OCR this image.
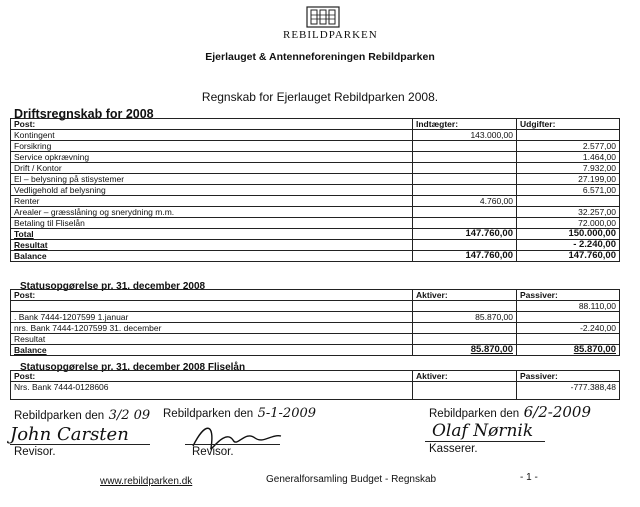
REBILDPARKEN
Ejerlauget & Antenneforeningen Rebildparken
Regnskab for Ejerlauget Rebildparken 2008.
Driftsregnskab for 2008
Post:	Indtægter:	Udgifter:
Kontingent	143.000,00	
Forsikring		2.577,00
Service opkrævning		1.464,00
Drift / Kontor		7.932,00
El – belysning på stisystemer		27.199,00
Vedligehold af belysning		6.571,00
Renter	4.760,00	
Arealer – græsslåning og snerydning m.m.		32.257,00
Betaling til Fliselån		72.000,00
Total	147.760,00	150.000,00
Resultat		- 2.240,00
Balance	147.760,00	147.760,00
Statusopgørelse pr. 31. december 2008
Post:	Aktiver:	Passiver:
		88.110,00
. Bank 7444-1207599 1.januar	85.870,00	
nrs. Bank 7444-1207599 31. december		-2.240,00
Resultat		
Balance	85.870,00	85.870,00
Statusopgørelse pr. 31. december 2008 Fliselån
Post:	Aktiver:	Passiver:
Nrs. Bank 7444-0128606		-777.388,48
Rebildparken den 3/2 09
John Carsten
Revisor.
Rebildparken den 5-1-2009
Revisor.
Rebildparken den 6/2-2009
Olaf Nørnik
Kasserer.
www.rebildparken.dk	Generalforsamling Budget - Regnskab	- 1 -
